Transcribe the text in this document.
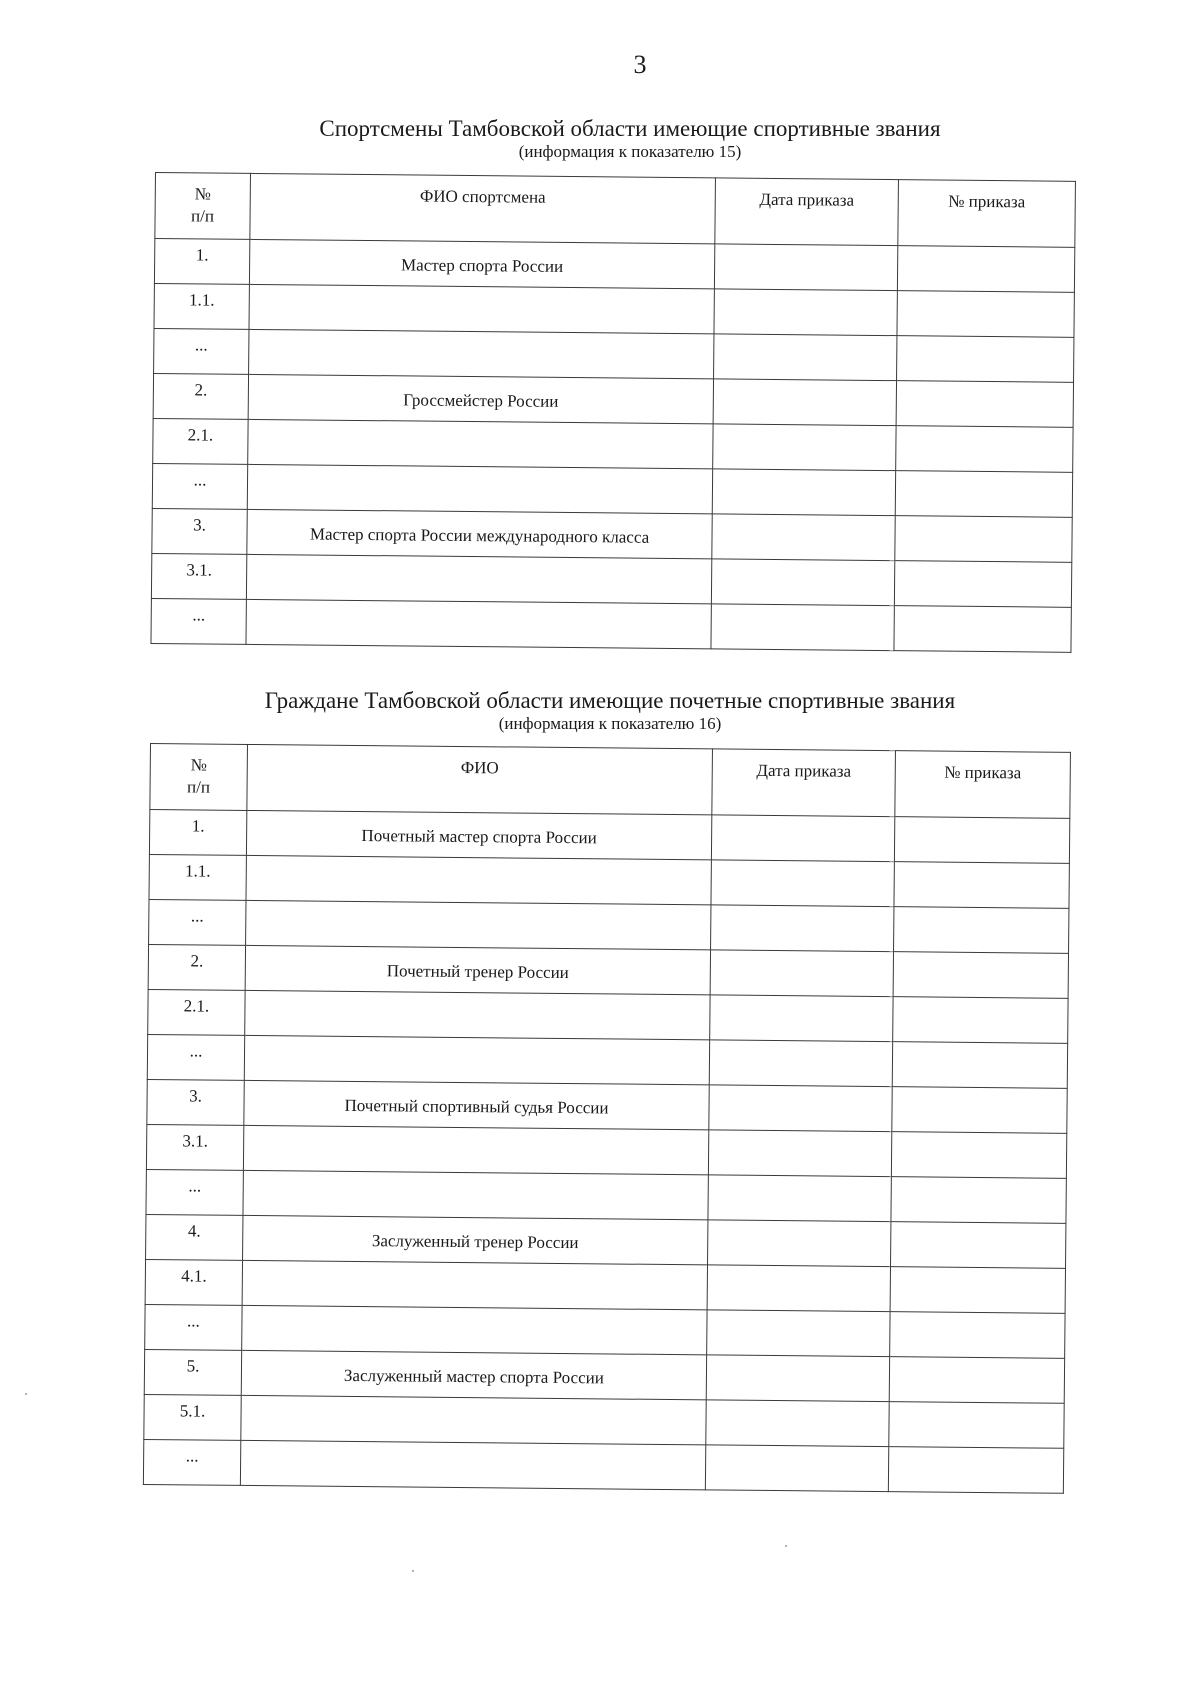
3
Спортсмены Тамбовской области имеющие спортивные звания
(информация к показателю 15)
№
п/п	ФИО спортсмена	Дата приказа	№ приказа
1.	Мастер спорта России		
1.1.			
...			
2.	Гроссмейстер России		
2.1.			
...			
3.	Мастер спорта России международного класса		
3.1.			
...			
Граждане Тамбовской области имеющие почетные спортивные звания
(информация к показателю 16)
№
п/п	ФИО	Дата приказа	№ приказа
1.	Почетный мастер спорта России		
1.1.			
...			
2.	Почетный тренер России		
2.1.			
...			
3.	Почетный спортивный судья России		
3.1.			
...			
4.	Заслуженный тренер России		
4.1.			
...			
5.	Заслуженный мастер спорта России		
5.1.			
...			
